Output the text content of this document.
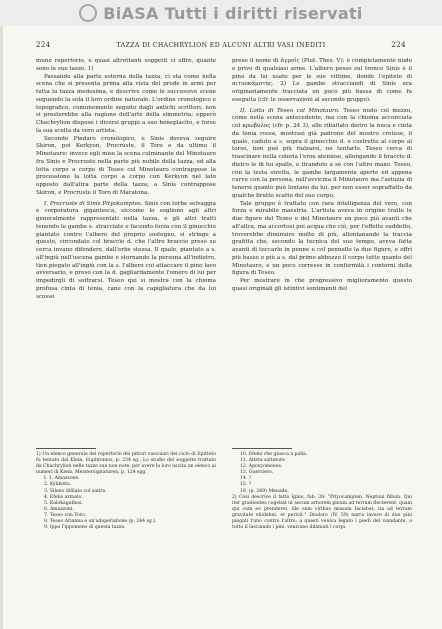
BiASA Tutti i diritti riservati
224	TAZZA DI CHACHRYLION ED ALCUNI ALTRI VASI INEDITI	224

mune repertorio, e quasi altrettanti soggetti ci offre, quante sono le sue tazze. 1)

Passando alla parte esterna della tazza, ci sta come nella scena che si presenta prima alla vista del prode in armi per tutta la tazza medesima, e descrive come le successive scene seguendo la sola il loro ordine naturale. L'ordine cronologico e topografico, comunemente seguito dagli antichi scrittori, non si presterebbe alla ragione dell'arte della simmetria; epperò Chachrylion dispose i diversi gruppi a suo beneplacito, e forse la sua scelta da vero artista.

Secondo Pindaro cronologico, e Sinis doveva seguire Skiron, poi Kerkyon, Procruste, il Toro e da ultimo il Minotauro; invece egli mise la scena culminante del Minotauro fra Sinis e Procruste nella parte più nobile della tazza, ed alla lotta corpo a corpo di Teseo col Minotauro contrappose la processione la lotta corpo a corpo con Kerkyon nel lato opposto dall'altra parte della tazza; a Sinis contrappose Skiron, e Procruste il Toro di Maratona.

I. Procruste di Sinis Pityokamptes. Sinis con torbe selvaggia e corporatura gigantesca, siccome lo sogliono agli altri generalmente rappresentati nella tazza, e gli altri tratti tenendo le gambe s. stracciate e facendo forza con il ginocchio piantato contro l'albero del proprio sostegno, si stringe a questo, circondato col braccio d. che l'altro braccio preso su cerca invano difendere, dall'erbe stessa. Il quale, piantato a s. all'ingiù nell'oscena gambe e stornando la persona all'indietro, tien piegato all'ingiù con la s. l'albero cui attaccare il pino lavo avversario, e preso con la d. gagliardamente l'omero di lui per impedirgli di sottrarsi. Teseo qui si mostra con la chioma profusa cinta di tenia, cane con la capigliatura che da lui scosso

preso il nome di ἀγροῖς (Plut. Thes. V); è completamente nudo e privo di qualsiasi arme. L'albero pesso sul tronco Sinis è il pino da lui usato per le sue vittime, donde l'epiteto di πιτυοκάμπτης. 2) Le gambe stracciandi di Sinis era originariamente tracciata un poco più bassa di come fu eseguita (cfr. le osservazioni al secondo gruppo).

II. Lotta di Teseo col Minotauro. Teseo nudo col mezzo, come nella scena antecedente, ma con la chioma acconciata col κρώβυλος (cfr. p. 24 3), alle ribaltato dietro la nuca e cinta da tenia rossa, mostrasi già padrone del mostro cretese, il quale, caduto a s. sopra il ginocchio d. e costretto al corpo al torso, non può più rialzarsi, ne tentarlo. Teseo cerca di trascinare nella coloria l'eroe ateniese, allungando il braccio d. dietro le di lui spalle, e tirandolo a sè con l'altro mano. Teseo, con la testa stretta, le gambe largamente aperte ed appena curve con la persona, nell'avvicina il Minotauro ma l'astuzia di tenersi quanto può lontano da lui, per non esser sopraffatto da qualche brutto scatto del suo corpo.

Tale gruppo è trattato con rara intelligenza del vero, con forza e mirabile maestria. L'artista aveva in origine tratte le due figure del Teseo e del Minotauro un poco più avanti che all'altra, ma accortosi poi acqua che ciò, per l'effetto suddetto, troverebbe diminuire molto di più, allontanando la traccia grafitta che, secondo la tecnica del suo tempo, aveva fatta avanti di toccarle in penne e col pennello la due figure, e offrì più basso o più a s. dal primo abbozzo il corpo tutto quanto del Minotauro, e un poco corresse in conformità i contorni della figura di Teseo.

Per mostrare in che progressivo miglioramento questo quasi originali gli istintivi sentimenti del

1) Un elenco generale del repertorio dei pittori vascolari dei ciclo di Epitteto fu tentato dal Klein, Euphronios, p. 234 sg.; Lo studio del soggetto trattato da Chachrylion nelle tazze sue non note, per avere la loro uscita un elenco ai numeri di Klein, Meistersignaturen, p. 124 sgg.

I. 1. Amazzone.
2. Kylikista.
3. Sileno difilato col satiro.
4. Efebo armato.
5. Kalokagathos.
6. Amazzoni.
7. Teseo con Toro.
8. Teseo Arianna e un'adoperazione (p. 244 sg.).
9. Ippo l'ippomeno di questa tazza.
10. Efebo che giuoca a palla.
11. Atleta saltatore.
12. Apoxyomenos.
13. Guerriero.
14. ?
15. ?
16. (p. 269) Menade.

2) Così descrive il fatto Igino, fab. 38: "Pityocampten, Neptuni filium. Qui iter gradientes cogebat ut secum arborem pinum ad terram flecterent; quam qui cum eo prenderet, ille eam viribus missam faciebat; ita ad terram gravitate eliidebat, et perivit." Diodoro (IV, 59) narra invece di due pini piegati l'uno contro l'altro: a questi veniva legato i piedi del viandante, a tutto il lasciando i pini, venivano dilaniati i corpi.
